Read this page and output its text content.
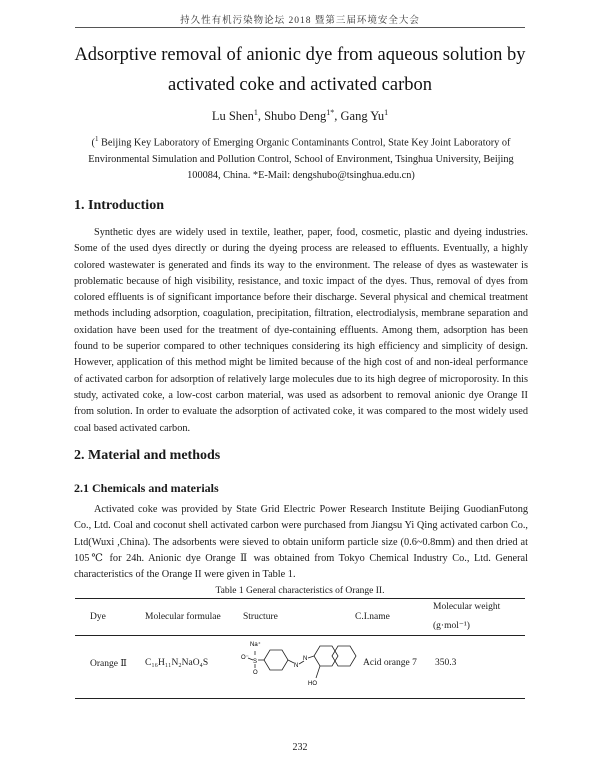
持久性有机污染物论坛 2018 暨第三届环境安全大会
Adsorptive removal of anionic dye from aqueous solution by
activated coke and activated carbon
Lu Shen$^1$, Shubo Deng$^{1*}$, Gang Yu$^1$
($^1$ Beijing Key Laboratory of Emerging Organic Contaminants Control, State Key Joint Laboratory of Environmental Simulation and Pollution Control, School of Environment, Tsinghua University, Beijing 100084, China. *E-Mail: dengshubo@tsinghua.edu.cn)
1. Introduction

Synthetic dyes are widely used in textile, leather, paper, food, cosmetic, plastic and dyeing industries. Some of the used dyes directly or during the dyeing process are released to effluents. Eventually, a highly colored wastewater is generated and finds its way to the environment. The release of dyes as wastewater is problematic because of high visibility, resistance, and toxic impact of the dyes. Thus, removal of dyes from colored effluents is of significant importance before their discharge. Several physical and chemical treatment methods including adsorption, coagulation, precipitation, filtration, electrodialysis, membrane separation and oxidation have been used for the treatment of dye-containing effluents. Among them, adsorption has been found to be superior compared to other techniques considering its high efficiency and simplicity of design. However, application of this method might be limited because of the high cost of and non-ideal performance of activated carbon for adsorption of relatively large molecules due to its high degree of microporosity. In this study, activated coke, a low-cost carbon material, was used as adsorbent to removal anionic dye Orange II from solution. In order to evaluate the adsorption of activated coke, it was compared to the most widely used coal based activated carbon.

2. Material and methods
2.1 Chemicals and materials

Activated coke was provided by State Grid Electric Power Research Institute Beijing GuodianFutong Co., Ltd. Coal and coconut shell activated carbon were purchased from Jiangsu Yi Qing activated carbon Co., Ltd(Wuxi ,China). The adsorbents were sieved to obtain uniform particle size (0.6~0.8mm) and then dried at 105℃ for 24h. Anionic dye Orange Ⅱ was obtained from Tokyo Chemical Industry Co., Ltd. General characteristics of the Orange II were given in Table 1.

Table 1 General characteristics of Orange II.
Dye	Molecular formulae Structure	C.I.name
Molecular weight
(g·mol⁻¹)
Orange Ⅱ C₁₆H₁₁N₂NaO₄S
Na⁺
O⁻
S
O
N
N
HO
Acid orange 7 350.3
232
